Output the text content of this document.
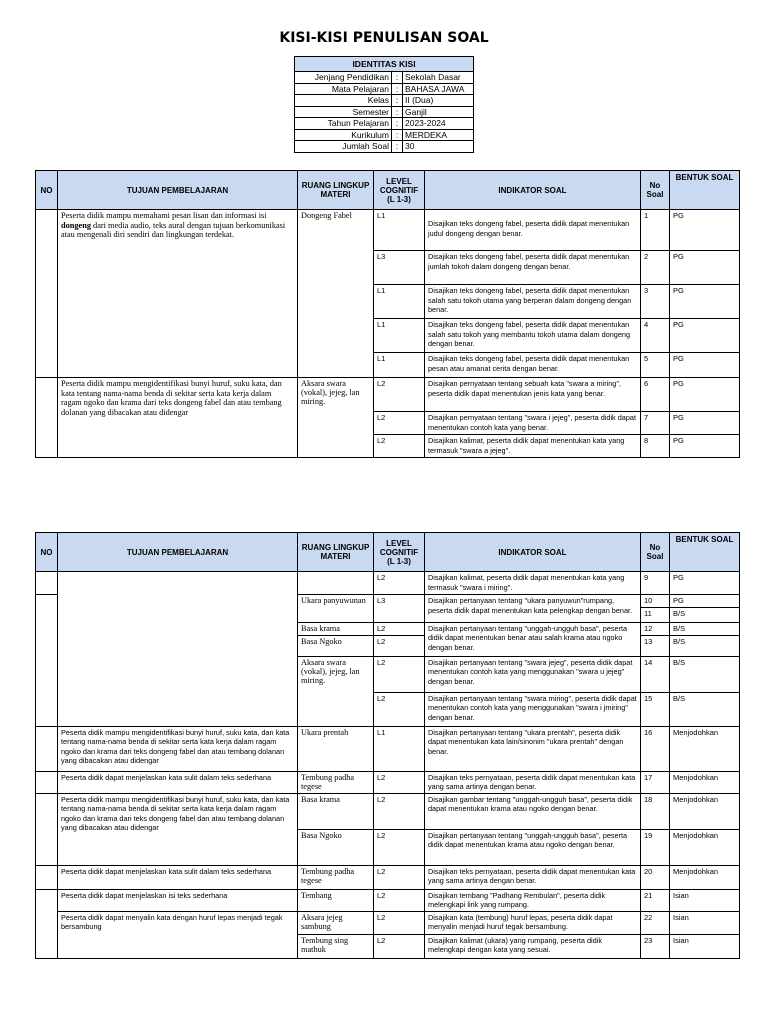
KISI-KISI PENULISAN SOAL
IDENTITAS KISI		
Jenjang Pendidikan	:	Sekolah Dasar
Mata Pelajaran	:	BAHASA JAWA
Kelas	:	II (Dua)
Semester	:	Ganjil
Tahun Pelajaran	:	2023-2024
Kurikulum	:	MERDEKA
Jumlah Soal	:	30
NO	TUJUAN PEMBELAJARAN	RUANG LINGKUP MATERI	LEVEL COGNITIF (L 1-3)	INDIKATOR SOAL	No Soal	BENTUK SOAL
	Peserta didik mampu memahami pesan lisan dan informasi isi dongeng dari media audio, teks aural dengan tujuan berkomunikasi atau mengenali diri sendiri dan lingkungan terdekat.	Dongeng Fabel	L1	Disajikan teks dongeng fabel, peserta didik dapat menentukan judul dongeng dengan benar.	1	PG
			L3	Disajikan teks dongeng fabel, peserta didik dapat menentukan jumlah tokoh dalam dongeng dengan benar.	2	PG
			L1	Disajikan teks dongeng fabel, peserta didik dapat menentukan salah satu tokoh utama yang berperan dalam dongeng dengan benar.	3	PG
			L1	Disajikan teks dongeng fabel, peserta didik dapat menentukan salah satu tokoh yang membantu tokoh utama dalam dongeng dengan benar.	4	PG
			L1	Disajikan teks dongeng fabel, peserta didik dapat menentukan pesan atau amanat cerita dengan benar.	5	PG
	Peserta didik mampu mengidentifikasi bunyi huruf, suku kata, dan kata tentang nama-nama benda di sekitar serta kata kerja dalam ragam ngoko dan krama dari teks dongeng fabel dan atau tembang dolanan yang dibacakan atau didengar	Aksara swara (vokal), jejeg, lan miring.	L2	Disajikan pernyataan tentang sebuah kata "swara a miring", peserta didik dapat menentukan jenis kata yang benar.	6	PG
			L2	Disajikan pernyataan tentang "swara i jejeg", peserta didik dapat menentukan contoh kata yang benar.	7	PG
			L2	Disajikan kalimat, peserta didik dapat menentukan kata yang termasuk "swara a jejeg".	8	PG
NO	TUJUAN PEMBELAJARAN	RUANG LINGKUP MATERI	LEVEL COGNITIF (L 1-3)	INDIKATOR SOAL	No Soal	BENTUK SOAL
			L2	Disajikan kalimat, peserta didik dapat menentukan kata yang termasuk "swara i miring".	9	PG
		Ukara panyuwunan	L3	Disajikan pertanyaan tentang "ukara panyuwun"rumpang, peserta didik dapat menentukan kata pelengkap dengan benar.	10	PG
					11	B/S
		Basa krama	L2	Disajikan pertanyaan tentang "unggah-ungguh basa", peserta didik dapat menentukan benar atau salah krama atau ngoko dengan benar.	12	B/S
		Basa Ngoko	L2		13	B/S
		Aksara swara (vokal), jejeg, lan miring.	L2	Disajikan pertanyaan tentang "swara jejeg", peserta didik dapat menentukan contoh kata yang menggunakan "swara u jejeg" dengan benar.	14	B/S
			L2	Disajikan pertanyaan tentang "swara miring", peserta didik dapat menentukan contoh kata yang menggunakan "swara i jmiring" dengan benar.	15	B/S
	Peserta didik mampu mengidentifikasi bunyi huruf, suku kata, dan kata tentang nama-nama benda di sekitar serta kata kerja dalam ragam ngoko dan krama dari teks dongeng fabel dan atau tembang dolanan yang dibacakan atau didengar	Ukara prentah	L1	Disajikan pertanyaan tentang "ukara prentah", peserta didik dapat menentukan kata lain/sinonim "ukara prentah" dengan benar.	16	Menjodohkan
	Peserta didik dapat menjelaskan kata sulit dalam teks sederhana	Tembung padha tegese	L2	Disajikan teks pernyataan, peserta didik dapat menentukan kata yang sama artinya dengan benar.	17	Menjodohkan
	Peserta didik mampu mengidentifikasi bunyi huruf, suku kata, dan kata tentang nama-nama benda di sekitar serta kata kerja dalam ragam ngoko dan krama dari teks dongeng fabel dan atau tembang dolanan yang dibacakan atau didengar	Basa krama	L2	Disajikan gambar tentang "unggah-ungguh basa", peserta didik dapat menentukan krama atau ngoko dengan benar.	18	Menjodohkan
		Basa Ngoko	L2	Disajikan pertanyaan tentang "unggah-ungguh basa", peserta didik dapat menentukan krama atau ngoko dengan benar.	19	Menjodohkan
	Peserta didik dapat menjelaskan kata sulit dalam teks sederhana	Tembung padha tegese	L2	Disajikan teks pernyataan, peserta didik dapat menentukan kata yang sama artinya dengan benar.	20	Menjodohkan
	Peserta didik dapat menjelaskan isi teks sederhana	Tembang	L2	Disajikan tembang "Padhang Rembulan", peserta didik melengkapi lirik yang rumpang.	21	Isian
	Peserta didik dapat menyalin kata dengan huruf lepas menjadi tegak bersambung	Aksara jejeg sambung	L2	Disajikan kata (tembung) huruf lepas, peserta didik dapat menyalin menjadi huruf tegak bersambung.	22	Isian
		Tembung sing mathuk	L2	Disajikan kalimat (ukara) yang rumpang, peserta didik melengkapi dengan kata yang sesuai.	23	Isian
